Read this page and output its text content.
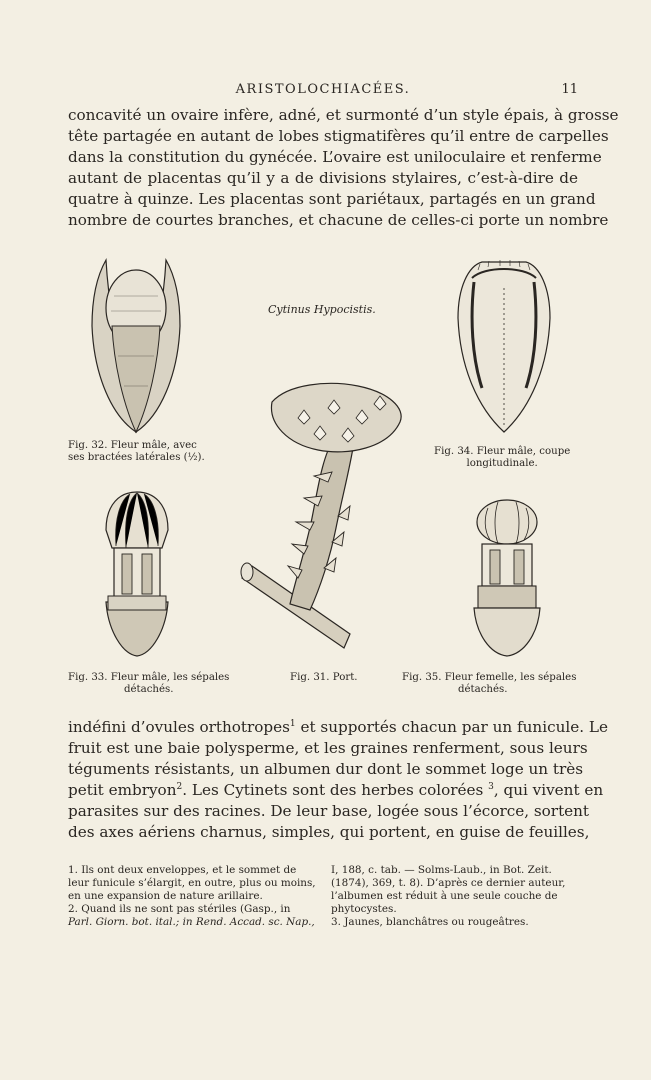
ARISTOLOCHIACÉES.	11
concavité un ovaire infère, adné, et surmonté d’un style épais, à grosse
tête partagée en autant de lobes stigmatifères qu’il entre de carpelles
dans la constitution du gynécée. L’ovaire est uniloculaire et renferme
autant de placentas qu’il y a de divisions stylaires, c’est-à-dire de
quatre à quinze. Les placentas sont pariétaux, partagés en un grand
nombre de courtes branches, et chacune de celles-ci porte un nombre
Cytinus Hypocistis.
Fig. 32. Fleur mâle, avec
ses bractées latérales (½).
Fig. 34. Fleur mâle, coupe
longitudinale.
Fig. 33. Fleur mâle, les sépales
détachés.
Fig. 31. Port.	Fig. 35. Fleur femelle, les sépales
détachés.
indéfini d’ovules orthotropes$^1$ et supportés chacun par un funicule. Le
fruit est une baie polysperme, et les graines renferment, sous leurs
téguments résistants, un albumen dur dont le sommet loge un très
petit embryon$^2$. Les Cytinets sont des herbes colorées $^3$, qui vivent en
parasites sur des racines. De leur base, logée sous l’écorce, sortent
des axes aériens charnus, simples, qui portent, en guise de feuilles,
1. Ils ont deux enveloppes, et le sommet de
leur funicule s’élargit, en outre, plus ou moins,
en une expansion de nature arillaire.
2. Quand ils ne sont pas stériles (Gasp., in
Parl. Giorn. bot. ital.; in Rend. Accad. sc. Nap.,
I, 188, c. tab. — Solms-Laub., in Bot. Zeit.
(1874), 369, t. 8). D’après ce dernier auteur,
l’albumen est réduit à une seule couche de
phytocystes.
3. Jaunes, blanchâtres ou rougeâtres.
